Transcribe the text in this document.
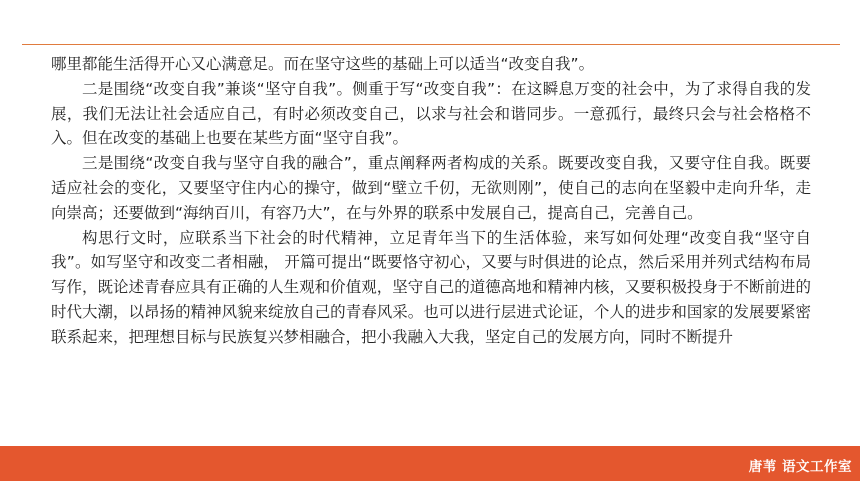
哪里都能生活得开心又心满意足。而在坚守这些的基础上可以适当“改变自我”。

二是围绕“改变自我”兼谈“坚守自我”。侧重于写“改变自我”：在这瞬息万变的社会中，为了求得自我的发展，我们无法让社会适应自己，有时必须改变自己，以求与社会和谐同步。一意孤行，最终只会与社会格格不入。但在改变的基础上也要在某些方面“坚守自我”。

三是围绕“改变自我与坚守自我的融合”，重点阐释两者构成的关系。既要改变自我，又要守住自我。既要适应社会的变化，又要坚守住内心的操守，做到“壁立千仞，无欲则刚”，使自己的志向在坚毅中走向升华，走向崇高；还要做到“海纳百川，有容乃大”，在与外界的联系中发展自己，提高自己，完善自己。

构思行文时，应联系当下社会的时代精神，立足青年当下的生活体验，来写如何处理“改变自我“坚守自我”。如写坚守和改变二者相融， 开篇可提出“既要恪守初心，又要与时俱进的论点，然后采用并列式结构布局写作，既论述青春应具有正确的人生观和价值观，坚守自己的道德高地和精神内核，又要积极投身于不断前进的时代大潮，以昂扬的精神风貌来绽放自己的青春风采。也可以进行层进式论证，个人的进步和国家的发展要紧密联系起来，把理想目标与民族复兴梦相融合，把小我融入大我，坚定自己的发展方向，同时不断提升

唐苇 语文工作室
